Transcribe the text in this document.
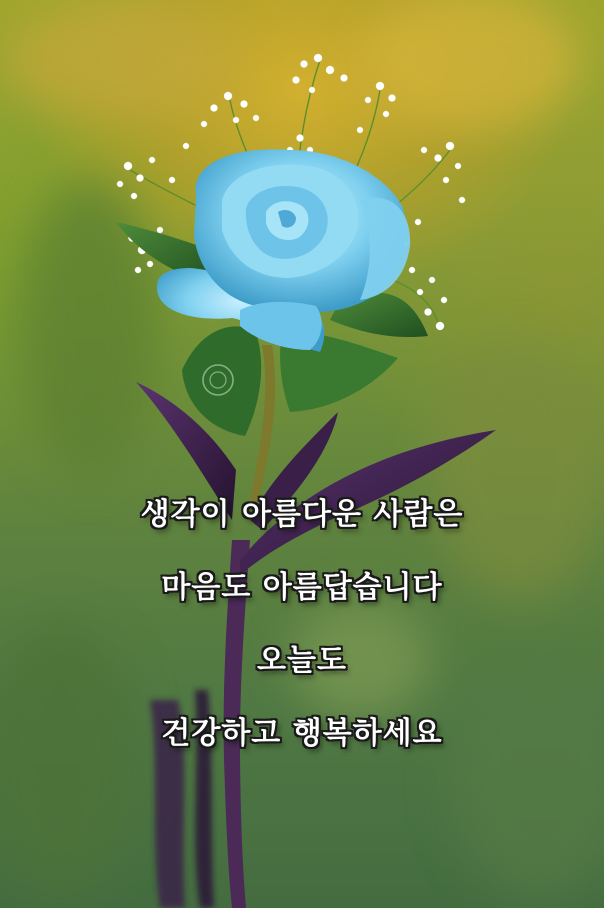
생각이 아름다운 사람은
마음도 아름답습니다
오늘도
건강하고 행복하세요
